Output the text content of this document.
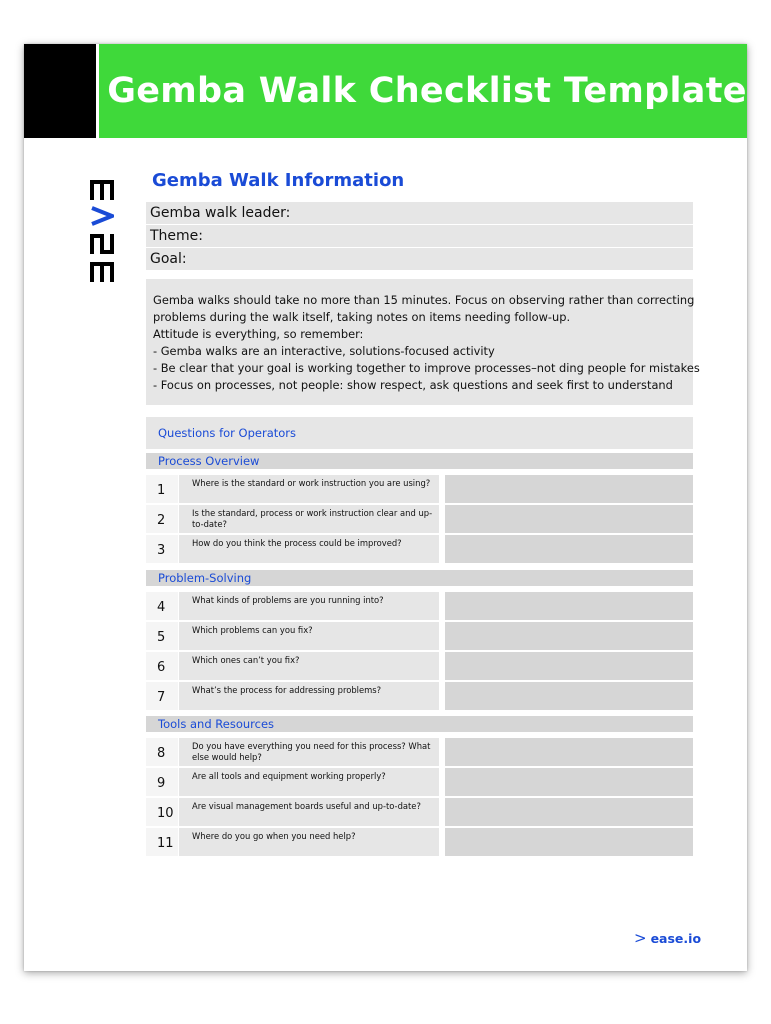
Gemba Walk Checklist Template
Gemba Walk Information
Gemba walk leader:
Theme:
Goal:
Gemba walks should take no more than 15 minutes. Focus on observing rather than correcting
problems during the walk itself, taking notes on items needing follow-up.
Attitude is everything, so remember:
- Gemba walks are an interactive, solutions-focused activity
- Be clear that your goal is working together to improve processes–not ding people for mistakes
- Focus on processes, not people: show respect, ask questions and seek first to understand
Questions for Operators
Process Overview
1	Where is the standard or work instruction you are using?
2	Is the standard, process or work instruction clear and up-to-date?
3	How do you think the process could be improved?
Problem-Solving
4	What kinds of problems are you running into?
5	Which problems can you fix?
6	Which ones can’t you fix?
7	What’s the process for addressing problems?
Tools and Resources
8	Do you have everything you need for this process? What else would help?
9	Are all tools and equipment working properly?
10	Are visual management boards useful and up-to-date?
11	Where do you go when you need help?
> ease.io
